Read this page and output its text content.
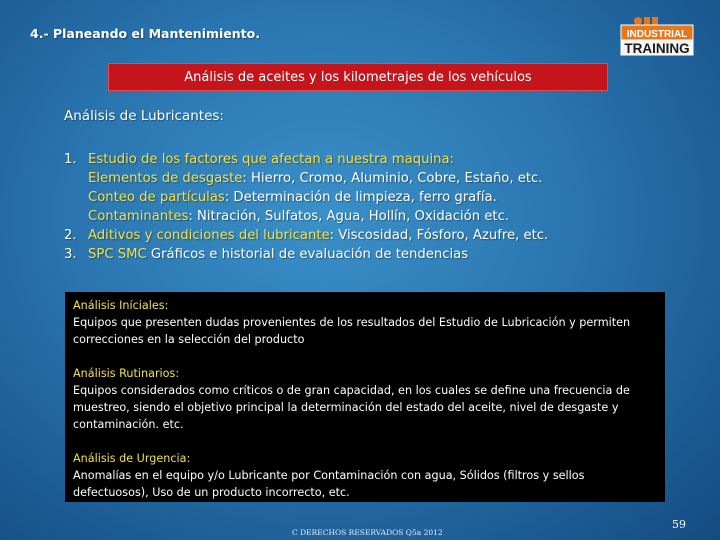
4.- Planeando el Mantenimiento.	INDUSTRIAL
TRAINING
Análisis de aceites y los kilometrajes de los vehículos
Análisis de Lubricantes:
1. Estudio de los factores que afectan a nuestra maquina:
Elementos de desgaste: Hierro, Cromo, Aluminio, Cobre, Estaño, etc.
Conteo de partículas: Determinación de limpieza, ferro grafía.
Contaminantes: Nitración, Sulfatos, Agua, Hollín, Oxidación etc.
2. Aditivos y condiciones del lubricante: Viscosidad, Fósforo, Azufre, etc.
3. SPC SMC Gráficos e historial de evaluación de tendencias
Análisis Iníciales:
Equipos que presenten dudas provenientes de los resultados del Estudio de Lubricación y permiten correcciones en la selección del producto
Análisis Rutinarios:
Equipos considerados como críticos o de gran capacidad, en los cuales se define una frecuencia de muestreo, siendo el objetivo principal la determinación del estado del aceite, nivel de desgaste y contaminación. etc.
Análisis de Urgencia:
Anomalías en el equipo y/o Lubricante por Contaminación con agua, Sólidos (filtros y sellos defectuosos), Uso de un producto incorrecto, etc.
C DERECHOS RESERVADOS Q5a 2012
59
